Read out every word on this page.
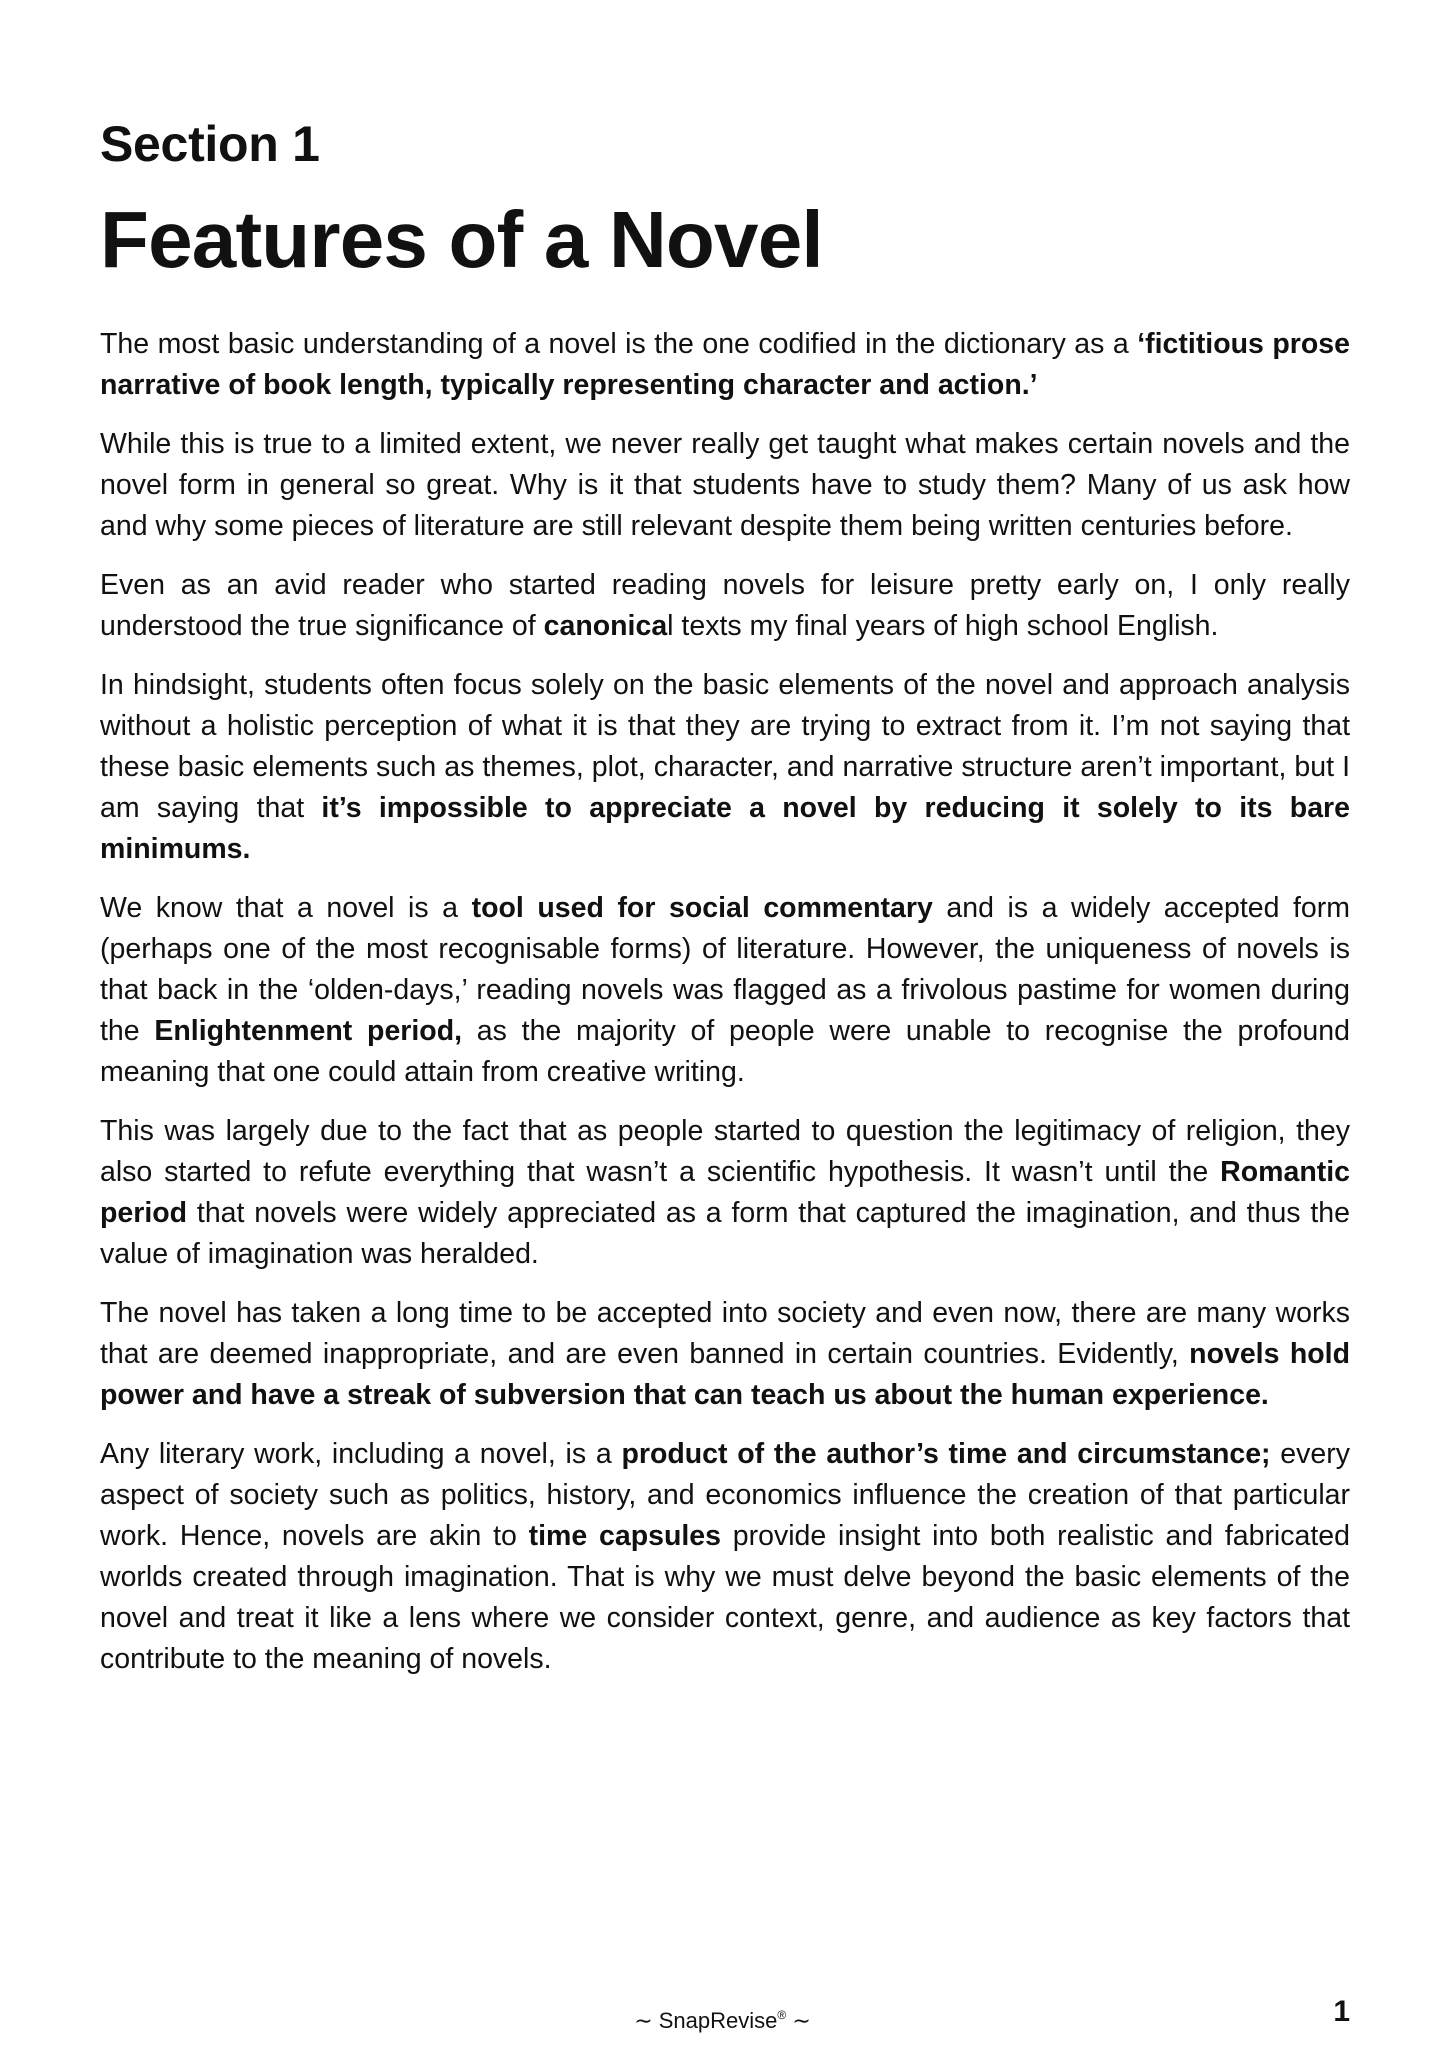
Section 1
Features of a Novel

The most basic understanding of a novel is the one codified in the dictionary as a ‘fictitious prose narrative of book length, typically representing character and action.’

While this is true to a limited extent, we never really get taught what makes certain novels and the novel form in general so great. Why is it that students have to study them? Many of us ask how and why some pieces of literature are still relevant despite them being written centuries before.

Even as an avid reader who started reading novels for leisure pretty early on, I only really understood the true significance of canonical texts my final years of high school English.

In hindsight, students often focus solely on the basic elements of the novel and approach analysis without a holistic perception of what it is that they are trying to extract from it. I’m not saying that these basic elements such as themes, plot, character, and narrative structure aren’t important, but I am saying that it’s impossible to appreciate a novel by reducing it solely to its bare minimums.

We know that a novel is a tool used for social commentary and is a widely accepted form (perhaps one of the most recognisable forms) of literature. However, the uniqueness of novels is that back in the ‘olden-days,’ reading novels was flagged as a frivolous pastime for women during the Enlightenment period, as the majority of people were unable to recognise the profound meaning that one could attain from creative writing.

This was largely due to the fact that as people started to question the legitimacy of religion, they also started to refute everything that wasn’t a scientific hypothesis. It wasn’t until the Romantic period that novels were widely appreciated as a form that captured the imagination, and thus the value of imagination was heralded.

The novel has taken a long time to be accepted into society and even now, there are many works that are deemed inappropriate, and are even banned in certain countries. Evidently, novels hold power and have a streak of subversion that can teach us about the human experience.

Any literary work, including a novel, is a product of the author’s time and circumstance; every aspect of society such as politics, history, and economics influence the creation of that particular work. Hence, novels are akin to time capsules provide insight into both realistic and fabricated worlds created through imagination. That is why we must delve beyond the basic elements of the novel and treat it like a lens where we consider context, genre, and audience as key factors that contribute to the meaning of novels.

∼ SnapRevise® ∼	1
